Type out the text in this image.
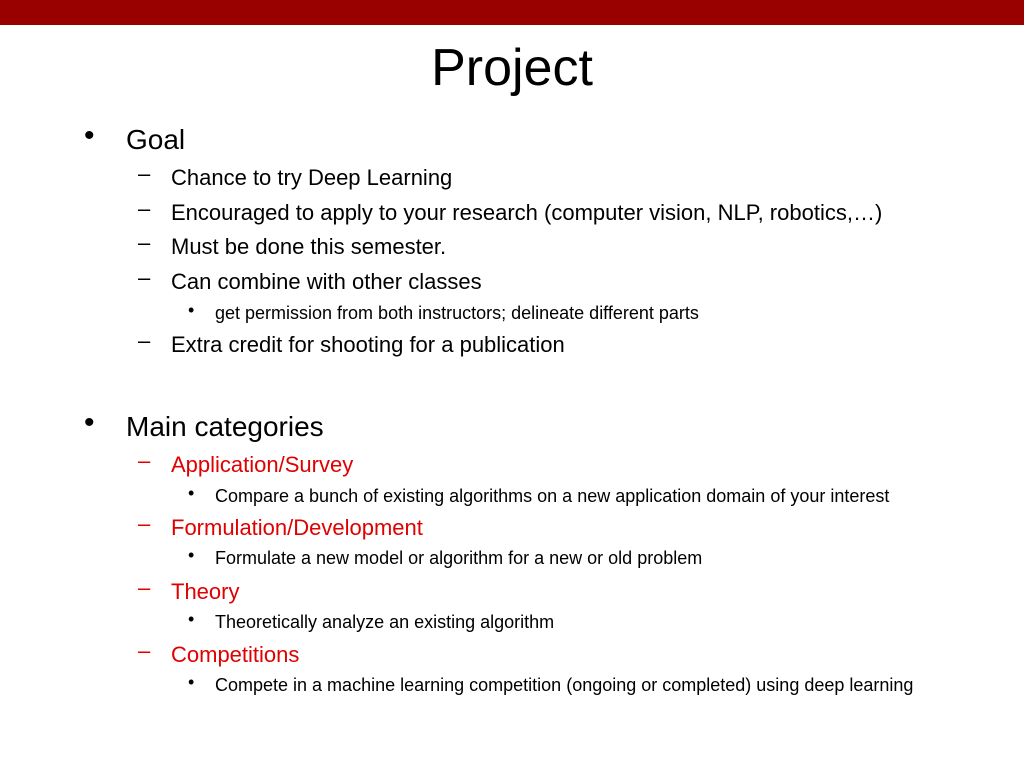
Project
• Goal
– Chance to try Deep Learning
– Encouraged to apply to your research (computer vision, NLP, robotics,…)
– Must be done this semester.
– Can combine with other classes
• get permission from both instructors; delineate different parts
– Extra credit for shooting for a publication
• Main categories
– Application/Survey
• Compare a bunch of existing algorithms on a new application domain of your interest
– Formulation/Development
• Formulate a new model or algorithm for a new or old problem
– Theory
• Theoretically analyze an existing algorithm
– Competitions
• Compete in a machine learning competition (ongoing or completed) using deep learning
